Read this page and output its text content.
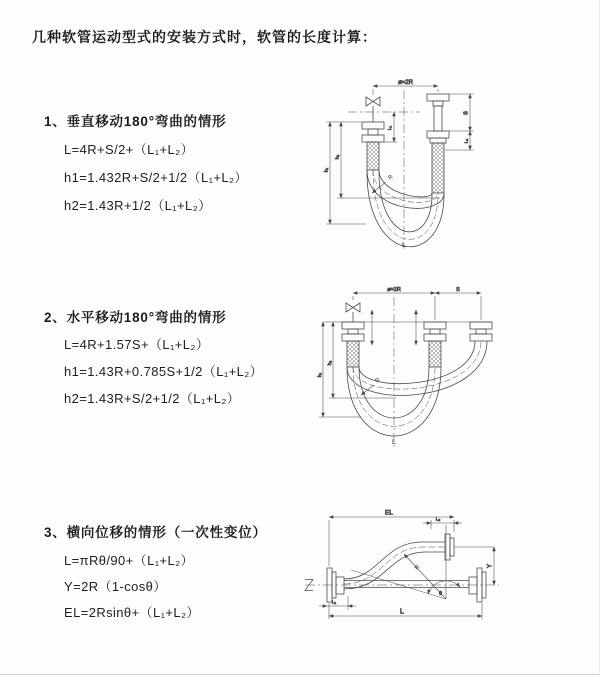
几种软管运动型式的安装方式时，软管的长度计算：
1、垂直移动180°弯曲的情形
L=4R+S/2+（L₁+L₂）
h1=1.432R+S/2+1/2（L₁+L₂）
h2=1.43R+1/2（L₁+L₂）
2、水平移动180°弯曲的情形
L=4R+1.57S+（L₁+L₂）
h1=1.43R+0.785S+1/2（L₁+L₂）
h2=1.43R+S/2+1/2（L₁+L₂）
3、横向位移的情形（一次性变位）
L=πRθ/90+（L₁+L₂）
Y=2R（1-cosθ）
EL=2Rsinθ+（L₁+L₂）
ø=2R
L₁
S
L₂
h₁
h₂
R
L
ø=2R	S
h₁
h₂
R
L
EL
L₂
Y
θ
L
L₁
R
